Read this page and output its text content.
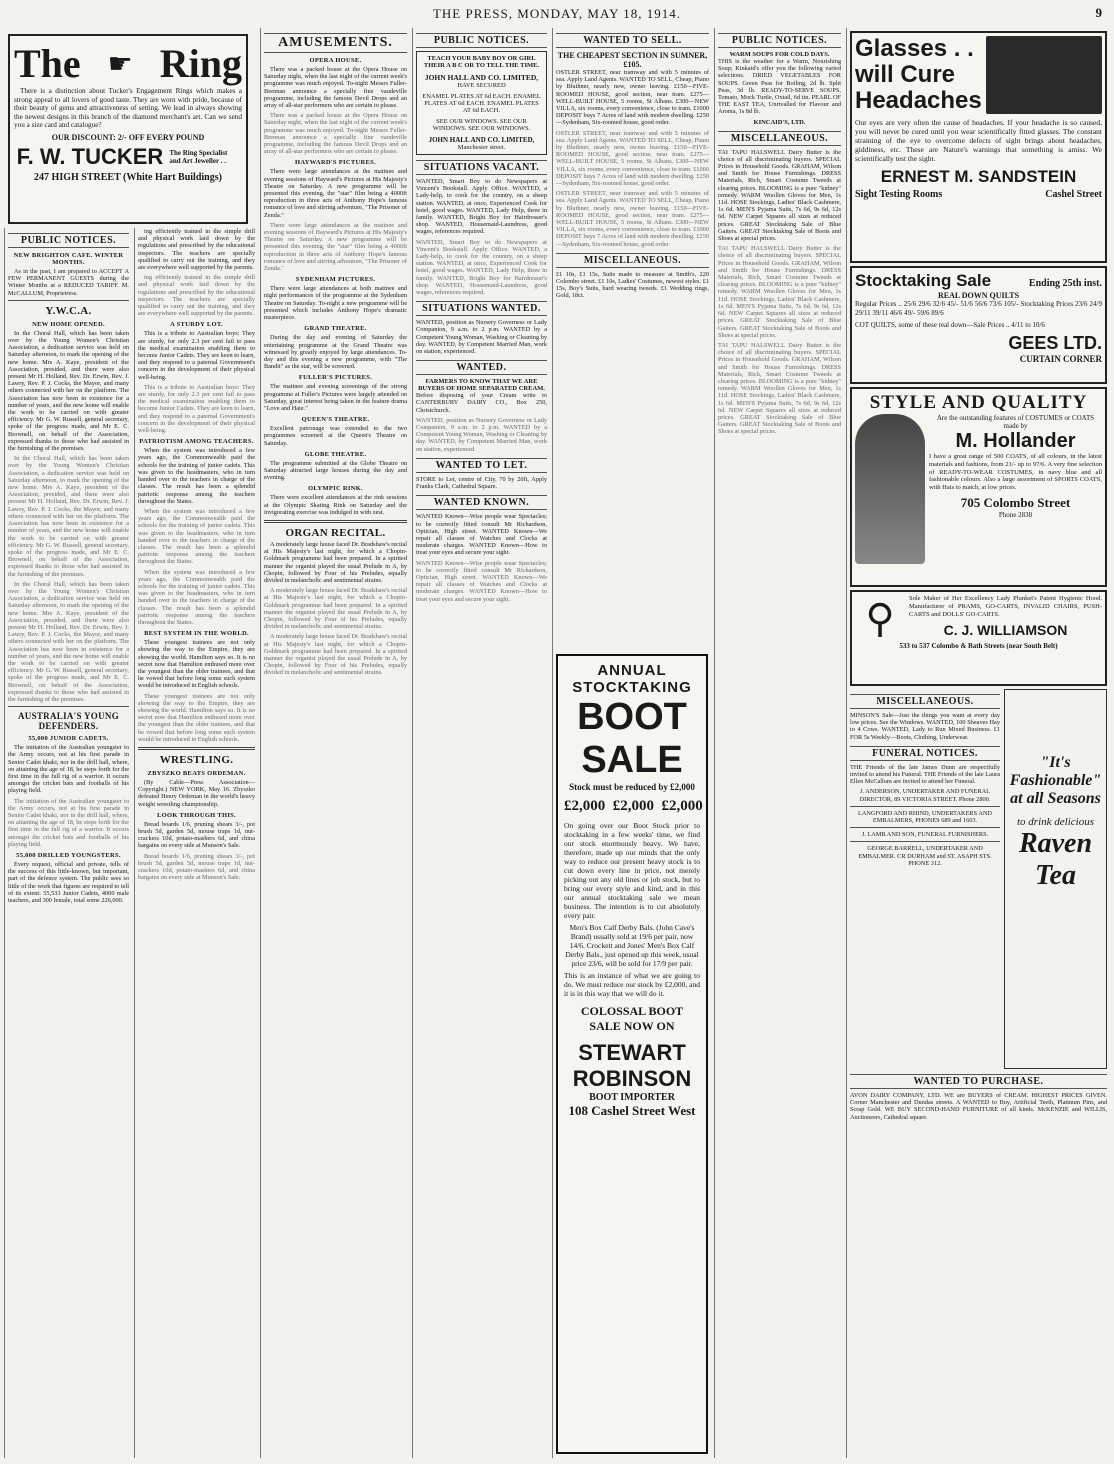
THE PRESS, MONDAY, MAY 18, 1914.	9
The ☛ Ring

There is a distinction about Tucker's Engagement Rings which makes a strong appeal to all lovers of good taste. They are worn with pride, because of their beauty of gems and attractiveness of setting. We lead in always showing the newest designs in this branch of the diamond merchant's art. Can we send you a size card and catalogue?

OUR DISCOUNT: 2/- OFF EVERY POUND
F. W. TUCKER The Ring Specialist and Art Jeweller . .
247 HIGH STREET (White Hart Buildings)
PUBLIC NOTICES.
NEW BRIGHTON CAFE. WINTER MONTHS.

As in the past, I am prepared to ACCEPT A FEW PERMANENT GUESTS during the Winter Months at a REDUCED TARIFF. M. McCALLUM, Proprietress.

Y.W.C.A.
NEW HOME OPENED.

In the Choral Hall, which has been taken over by the Young Women's Christian Association, a dedication service was held on Saturday afternoon, to mark the opening of the new home. Mrs A. Kaye, president of the Association, presided, and there were also present Mr H. Holland, Rev. Dr. Erwin, Rev. J. Lawry, Rev. P. J. Cocks, the Mayor, and many others connected with her on the platform. The Association has now been in existence for a number of years, and the new home will enable the work to be carried on with greater efficiency. Mr G. W. Russell, general secretary, spoke of the progress made, and Mr E. C. Brownell, on behalf of the Association, expressed thanks to those who had assisted in the furnishing of the premises.

In the Choral Hall, which has been taken over by the Young Women's Christian Association, a dedication service was held on Saturday afternoon, to mark the opening of the new home. Mrs A. Kaye, president of the Association, presided, and there were also present Mr H. Holland, Rev. Dr. Erwin, Rev. J. Lawry, Rev. P. J. Cocks, the Mayor, and many others connected with her on the platform. The Association has now been in existence for a number of years, and the new home will enable the work to be carried on with greater efficiency. Mr G. W. Russell, general secretary, spoke of the progress made, and Mr E. C. Brownell, on behalf of the Association, expressed thanks to those who had assisted in the furnishing of the premises.

In the Choral Hall, which has been taken over by the Young Women's Christian Association, a dedication service was held on Saturday afternoon, to mark the opening of the new home. Mrs A. Kaye, president of the Association, presided, and there were also present Mr H. Holland, Rev. Dr. Erwin, Rev. J. Lawry, Rev. P. J. Cocks, the Mayor, and many others connected with her on the platform. The Association has now been in existence for a number of years, and the new home will enable the work to be carried on with greater efficiency. Mr G. W. Russell, general secretary, spoke of the progress made, and Mr E. C. Brownell, on behalf of the Association, expressed thanks to those who had assisted in the furnishing of the premises.

AUSTRALIA'S YOUNG DEFENDERS.
55,000 JUNIOR CADETS.

The initiation of the Australian youngster to the Army occurs, not at his first parade in Senior Cadet khaki, nor in the drill hall, where, on attaining the age of 18, he steps forth for the first time in the full rig of a warrior. It occurs amongst the cricket bats and footballs of his playing field.

The initiation of the Australian youngster to the Army occurs, not at his first parade in Senior Cadet khaki, nor in the drill hall, where, on attaining the age of 18, he steps forth for the first time in the full rig of a warrior. It occurs amongst the cricket bats and footballs of his playing field.

55,000 DRILLED YOUNGSTERS.

Every request, official and private, tells of the success of this little-known, but important, part of the defence system. The public sees so little of the work that figures are required to tell of its extent: 55,533 Junior Cadets, 4000 male teachers, and 300 female, total some 226,000.

ing efficiently trained in the simple drill and physical work laid down by the regulations and prescribed by the educational inspectors. The teachers are specially qualified to carry out the training, and they are everywhere well supported by the parents.

ing efficiently trained in the simple drill and physical work laid down by the regulations and prescribed by the educational inspectors. The teachers are specially qualified to carry out the training, and they are everywhere well supported by the parents.

A STURDY LOT.

This is a tribute to Australian boys: They are sturdy, for only 2.3 per cent fail to pass the medical examination enabling them to become Junior Cadets. They are keen to learn, and they respond to a paternal Government's concern in the development of their physical well-being.

This is a tribute to Australian boys: They are sturdy, for only 2.3 per cent fail to pass the medical examination enabling them to become Junior Cadets. They are keen to learn, and they respond to a paternal Government's concern in the development of their physical well-being.

PATRIOTISM AMONG TEACHERS.

When the system was introduced a few years ago, the Commonwealth paid the schools for the training of junior cadets. This was given to the headmasters, who in turn handed over to the teachers in charge of the classes. The result has been a splendid patriotic response among the teachers throughout the States.

When the system was introduced a few years ago, the Commonwealth paid the schools for the training of junior cadets. This was given to the headmasters, who in turn handed over to the teachers in charge of the classes. The result has been a splendid patriotic response among the teachers throughout the States.

When the system was introduced a few years ago, the Commonwealth paid the schools for the training of junior cadets. This was given to the headmasters, who in turn handed over to the teachers in charge of the classes. The result has been a splendid patriotic response among the teachers throughout the States.

BEST SYSTEM IN THE WORLD.

These youngest trainees are not only showing the way to the Empire, they are showing the world. Hamilton says so. It is no secret now that Hamilton enthused more over the youngest than the older trainees, and that he vowed that before long some such system would be introduced in English schools.

These youngest trainees are not only showing the way to the Empire, they are showing the world. Hamilton says so. It is no secret now that Hamilton enthused more over the youngest than the older trainees, and that he vowed that before long some such system would be introduced in English schools.

WRESTLING.
ZBYSZKO BEATS ORDEMAN.

(By Cable—Press Association—Copyright.) NEW YORK, May 16. Zbyszko defeated Henry Ordeman in the world's heavy weight wrestling championship.

LOOK THROUGH THIS.

Bread boards 1/6, pruning shears 3/-, pot brush 5d, garden 5d, mouse traps 1d, nut-crackers 10d, potato-mashers 6d, and china bargains on every side at Munson's Sale.

Bread boards 1/6, pruning shears 3/-, pot brush 5d, garden 5d, mouse traps 1d, nut-crackers 10d, potato-mashers 6d, and china bargains on every side at Munson's Sale.

AMUSEMENTS.
OPERA HOUSE.

There was a packed house at the Opera House on Saturday night, when the last night of the current week's programme was much enjoyed. To-night Messrs Fuller-Brennan announce a specially fine vaudeville programme, including the famous Devil Drops and an array of all-star performers who are certain to please.

There was a packed house at the Opera House on Saturday night, when the last night of the current week's programme was much enjoyed. To-night Messrs Fuller-Brennan announce a specially fine vaudeville programme, including the famous Devil Drops and an array of all-star performers who are certain to please.

HAYWARD'S PICTURES.

There were large attendances at the matinee and evening sessions of Hayward's Pictures at His Majesty's Theatre on Saturday. A new programme will be presented this evening, the "star" film being a 4000ft reproduction in three acts of Anthony Hope's famous romance of love and stirring adventure, "The Prisoner of Zenda."

There were large attendances at the matinee and evening sessions of Hayward's Pictures at His Majesty's Theatre on Saturday. A new programme will be presented this evening, the "star" film being a 4000ft reproduction in three acts of Anthony Hope's famous romance of love and stirring adventure, "The Prisoner of Zenda."

SYDENHAM PICTURES.

There were large attendances at both matinee and night performances of the programme at the Sydenham Theatre on Saturday. To-night a new programme will be presented which includes Anthony Hope's dramatic masterpiece.

GRAND THEATRE.

During the day and evening of Saturday the entertaining programme at the Grand Theatre was witnessed by greatly enjoyed by large attendances. To-day and this evening a new programme, with "The Bandit" as the star, will be screened.

FULLER'S PICTURES.

The matinee and evening screenings of the strong programme at Fuller's Pictures were largely attended on Saturday, great interest being taken in the feature drama "Love and Hate."

QUEEN'S THEATRE.

Excellent patronage was extended to the two programmes screened at the Queen's Theatre on Saturday.

GLOBE THEATRE.

The programme submitted at the Globe Theatre on Saturday attracted large houses during the day and evening.

OLYMPIC RINK.

There were excellent attendances at the rink sessions at the Olympic Skating Rink on Saturday and the invigorating exercise was indulged in with zest.

ORGAN RECITAL.

A moderately large house faced Dr. Bradshaw's recital at His Majesty's last night, for which a Chopin-Goldmark programme had been prepared. In a spirited manner the organist played the usual Prelude in A, by Chopin, followed by Four of his Preludes, equally divided in melancholic and sentimental strains.

A moderately large house faced Dr. Bradshaw's recital at His Majesty's last night, for which a Chopin-Goldmark programme had been prepared. In a spirited manner the organist played the usual Prelude in A, by Chopin, followed by Four of his Preludes, equally divided in melancholic and sentimental strains.

A moderately large house faced Dr. Bradshaw's recital at His Majesty's last night, for which a Chopin-Goldmark programme had been prepared. In a spirited manner the organist played the usual Prelude in A, by Chopin, followed by Four of his Preludes, equally divided in melancholic and sentimental strains.

PUBLIC NOTICES.
TEACH YOUR BABY BOY OR GIRL THEIR A B C OR TO TELL THE TIME.
JOHN HALL AND CO. LIMITED,
HAVE SECURED
ENAMEL PLATES AT 6d EACH. ENAMEL PLATES AT 6d EACH. ENAMEL PLATES AT 6d EACH.
SEE OUR WINDOWS. SEE OUR WINDOWS. SEE OUR WINDOWS.
JOHN HALL AND CO. LIMITED,
Manchester street.
SITUATIONS VACANT.

WANTED, Smart Boy to do Newspapers at Vincent's Bookstall. Apply Office. WANTED, a Lady-help, to cook for the country, on a sheep station. WANTED, at once, Experienced Cook for hotel, good wages. WANTED, Lady Help, three in family. WANTED, Bright Boy for Hairdresser's shop. WANTED, Housemaid-Laundress, good wages, references required.

WANTED, Smart Boy to do Newspapers at Vincent's Bookstall. Apply Office. WANTED, a Lady-help, to cook for the country, on a sheep station. WANTED, at once, Experienced Cook for hotel, good wages. WANTED, Lady Help, three in family. WANTED, Bright Boy for Hairdresser's shop. WANTED, Housemaid-Laundress, good wages, references required.

SITUATIONS WANTED.

WANTED, position as Nursery Governess or Lady Companion, 9 a.m. to 2 p.m. WANTED by a Competent Young Woman, Washing or Cleaning by day. WANTED, by Competent Married Man, work on station, experienced.

WANTED.
FARMERS TO KNOW THAT WE ARE BUYERS OF HOME SEPARATED CREAM.

Before disposing of your Cream write to CANTERBURY DAIRY CO., Box 250, Christchurch.

WANTED, position as Nursery Governess or Lady Companion, 9 a.m. to 2 p.m. WANTED by a Competent Young Woman, Washing or Cleaning by day. WANTED, by Competent Married Man, work on station, experienced.

WANTED TO LET.

STORE to Let, centre of City, 70 by 20ft, Apply Franks Clark, Cathedral Square.

WANTED KNOWN.

WANTED Known—Wise people wear Spectacles; to be correctly fitted consult Mr Richardson, Optician, High street. WANTED Known—We repair all classes of Watches and Clocks at moderate charges. WANTED Known—How to treat your eyes and secure your sight.

WANTED Known—Wise people wear Spectacles; to be correctly fitted consult Mr Richardson, Optician, High street. WANTED Known—We repair all classes of Watches and Clocks at moderate charges. WANTED Known—How to treat your eyes and secure your sight.

WANTED TO SELL.
THE CHEAPEST SECTION IN SUMNER, £105.

OSTLER STREET, near tramway and with 5 minutes of sea. Apply Land Agents. WANTED TO SELL, Cheap, Piano by Bluthner, nearly new, owner leaving. £150—FIVE-ROOMED HOUSE, good section, near tram. £275—WELL-BUILT HOUSE, 5 rooms, St Albans. £300—NEW VILLA, six rooms, every convenience, close to tram. £1000 DEPOSIT buys 7 Acres of land with modern dwelling. £250—Sydenham, Six-roomed house, good order.

OSTLER STREET, near tramway and with 5 minutes of sea. Apply Land Agents. WANTED TO SELL, Cheap, Piano by Bluthner, nearly new, owner leaving. £150—FIVE-ROOMED HOUSE, good section, near tram. £275—WELL-BUILT HOUSE, 5 rooms, St Albans. £300—NEW VILLA, six rooms, every convenience, close to tram. £1000 DEPOSIT buys 7 Acres of land with modern dwelling. £250—Sydenham, Six-roomed house, good order.

OSTLER STREET, near tramway and with 5 minutes of sea. Apply Land Agents. WANTED TO SELL, Cheap, Piano by Bluthner, nearly new, owner leaving. £150—FIVE-ROOMED HOUSE, good section, near tram. £275—WELL-BUILT HOUSE, 5 rooms, St Albans. £300—NEW VILLA, six rooms, every convenience, close to tram. £1000 DEPOSIT buys 7 Acres of land with modern dwelling. £250—Sydenham, Six-roomed house, good order.

MISCELLANEOUS.

£1 10s, £1 15s, Suits made to measure at Smith's, 220 Colombo street. £1 10s, Ladies' Costumes, newest styles. £1 15s, Boy's Suits, hard wearing tweeds. £1 Wedding rings, Gold, 18ct.

ANNUAL STOCKTAKING
BOOT SALE
Stock must be reduced by £2,000
£2,000  £2,000  £2,000

On going over our Boot Stock prior to stocktaking in a few weeks' time, we find our stock enormously heavy. We have, therefore, made up our minds that the only way to reduce our present heavy stock is to cut down every line in price, not merely picking out any old lines or job stock, but to bring our every style and kind, and in this our annual stocktaking sale we mean business. The intention is to cut absolutely every pair.

Men's Box Calf Derby Bals. (John Cave's Brand) usually sold at 19/6 per pair, now 14/6. Crockett and Jones' Men's Box Calf Derby Bals., just opened up this week, usual price 23/6, will be sold for 17/9 per pair.

This is an instance of what we are going to do. We must reduce our stock by £2,000, and it is in this way that we will do it.

COLOSSAL BOOT SALE NOW ON
STEWART ROBINSON
BOOT IMPORTER
108 Cashel Street West
PUBLIC NOTICES.
WARM SOUPS FOR COLD DAYS.

THIS is the weather for a Warm, Nourishing Soup; Kinkaid's offer you the following varied selections. DRIED VEGETABLES FOR SOUPS. Green Peas for Boiling, 2d lb. Split Peas, 3d lb. READY-TO-SERVE SOUPS, Tomato, Mock Turtle, Oxtail, 6d tin. PEARL OF THE EAST TEA, Unrivalled for Flavour and Aroma, 1s 8d lb.

KINCAID'S, LTD.
MISCELLANEOUS.

TAI TAPU HALSWELL Dairy Butter is the choice of all discriminating buyers. SPECIAL Prices in Household Goods. GRAHAM, Wilson and Smith for House Furnishings. DRESS Materials, Rich, Smart Costume Tweeds at clearing prices. BLOOMING is a pure "kidney" remedy. WARM Woollen Gloves for Men, 1s 11d. HOSE Stockings, Ladies' Black Cashmere, 1s 6d. MEN'S Pyjama Suits, 7s 6d, 9s 6d, 12s 6d. NEW Carpet Squares all sizes at reduced prices. GREAT Stocktaking Sale of Blue Gaiters. GREAT Stocktaking Sale of Boots and Shoes at special prices.

TAI TAPU HALSWELL Dairy Butter is the choice of all discriminating buyers. SPECIAL Prices in Household Goods. GRAHAM, Wilson and Smith for House Furnishings. DRESS Materials, Rich, Smart Costume Tweeds at clearing prices. BLOOMING is a pure "kidney" remedy. WARM Woollen Gloves for Men, 1s 11d. HOSE Stockings, Ladies' Black Cashmere, 1s 6d. MEN'S Pyjama Suits, 7s 6d, 9s 6d, 12s 6d. NEW Carpet Squares all sizes at reduced prices. GREAT Stocktaking Sale of Blue Gaiters. GREAT Stocktaking Sale of Boots and Shoes at special prices.

TAI TAPU HALSWELL Dairy Butter is the choice of all discriminating buyers. SPECIAL Prices in Household Goods. GRAHAM, Wilson and Smith for House Furnishings. DRESS Materials, Rich, Smart Costume Tweeds at clearing prices. BLOOMING is a pure "kidney" remedy. WARM Woollen Gloves for Men, 1s 11d. HOSE Stockings, Ladies' Black Cashmere, 1s 6d. MEN'S Pyjama Suits, 7s 6d, 9s 6d, 12s 6d. NEW Carpet Squares all sizes at reduced prices. GREAT Stocktaking Sale of Blue Gaiters. GREAT Stocktaking Sale of Boots and Shoes at special prices.

Glasses . .
will Cure
Headaches

Our eyes are very often the cause of headaches. If your headache is so caused, you will never be cured until you wear scientifically fitted glasses. The constant straining of the eye to overcome defects of sight brings about headaches, giddiness, etc. These are Nature's warnings that something is amiss. We scientifically test the sight.

ERNEST M. SANDSTEIN
Sight Testing Rooms	Cashel Street
Stocktaking Sale	Ending 25th inst.
REAL DOWN QUILTS

Regular Prices .. 25/6 29/6 32/6 45/- 51/6 56/6 73/6 105/- Stocktaking Prices 23/6 24/9 29/11 39/11 46/6 49/- 59/6 89/6

COT QUILTS, some of these real down—Sale Prices .. 4/11 to 10/6

GEES LTD.
CURTAIN CORNER
STYLE AND QUALITY
Are the outstanding features of COSTUMES or COATS made by
M. Hollander

I have a great range of 500 COATS, of all colours, in the latest materials and fashions, from 21/- up to 97/6. A very fine selection of READY-TO-WEAR COSTUMES, in navy blue and all fashionable colours. Also a large assortment of SPORTS COATS, with Hats to match, at low prices.

705 Colombo Street
Phone 2838
⚲	Sole Maker of Her Excellency Lady Plunket's Patent Hygienic Hood. Manufacturer of PRAMS, GO-CARTS, INVALID CHAIRS, PUSH-CARTS and DOLLS' GO-CARTS.

C. J. WILLIAMSON
533 to 537 Colombo & Bath Streets (near South Belt)
MISCELLANEOUS.

MINSON'S Sale—Just the things you want at every day low prices. See the Windows. WANTED, 100 Sheaves Hay to 4 Cows. WANTED, Lady to Run Mixed Business. £1 FOR 5s Weekly—Boots, Clothing, Underwear.

FUNERAL NOTICES.

THE Friends of the late James Dunn are respectfully invited to attend his Funeral. THE Friends of the late Laura Ellen McCallum are invited to attend her Funeral.

J. ANDERSON, UNDERTAKER AND FUNERAL DIRECTOR, 89 VICTORIA STREET. Phone 2800.

LANGFORD AND RHIND, UNDERTAKERS AND EMBALMERS, PHONES 689 and 1603.

J. LAMB AND SON, FUNERAL FURNISHERS.

GEORGE BARRELL, UNDERTAKER AND EMBALMER. CR DURHAM and ST. ASAPH STS. PHONE 312.

"It's Fashionable" at all Seasons
to drink delicious
Raven Tea
WANTED TO PURCHASE.

AVON DAIRY COMPANY, LTD. WE are BUYERS of CREAM. HIGHEST PRICES GIVEN. Corner Manchester and Dundas streets. A WANTED to Buy, Artificial Teeth, Platinum Pins, and Scrap Gold. WE BUY SECOND-HAND FURNITURE of all kinds. McKENZIE and WILLIS, Auctioneers, Cathedral square.
